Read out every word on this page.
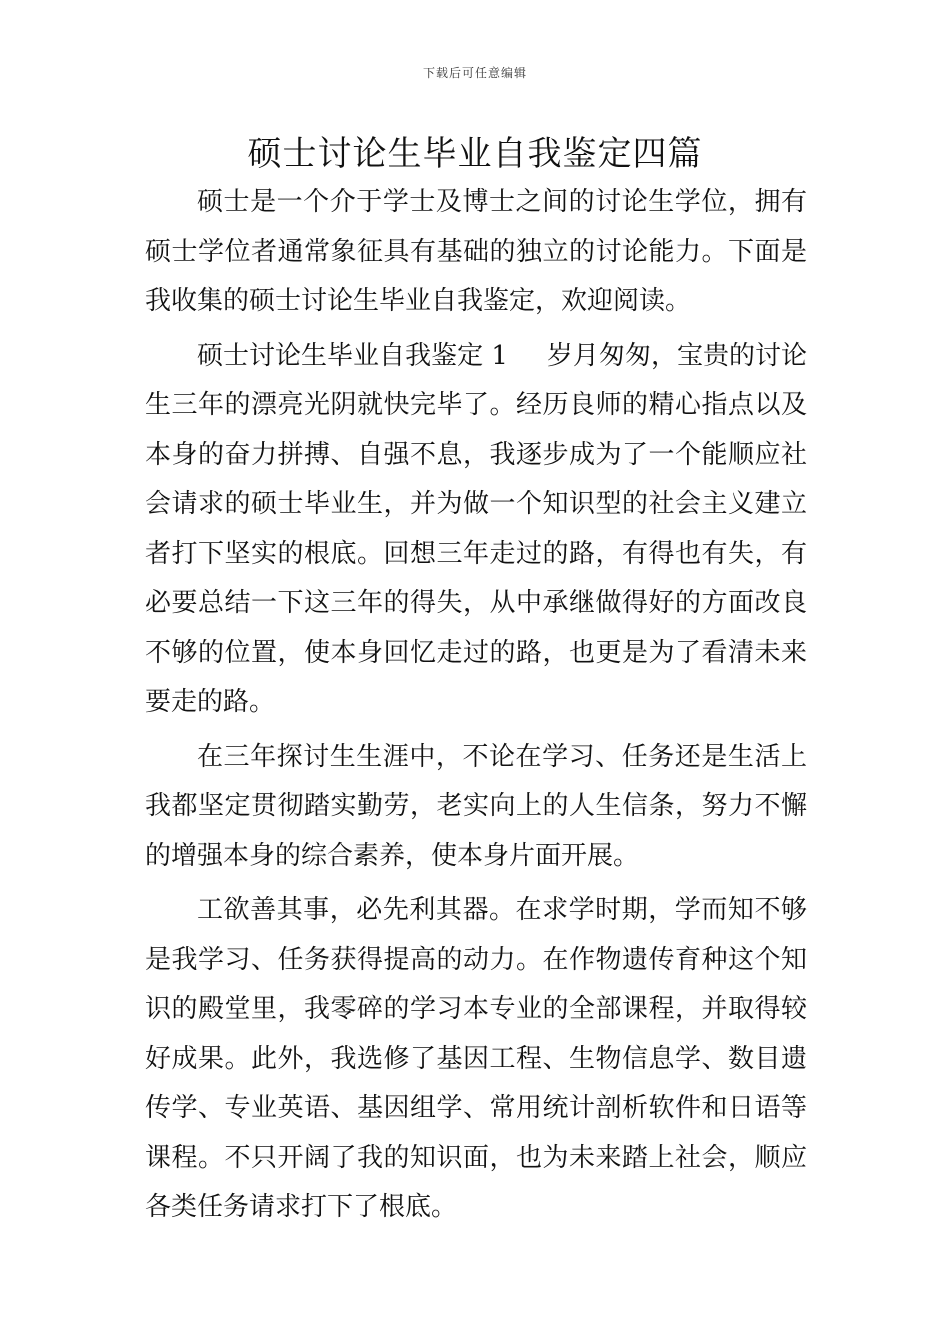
下载后可任意编辑
硕士讨论生毕业自我鉴定四篇

硕士是一个介于学士及博士之间的讨论生学位，拥有硕士学位者通常象征具有基础的独立的讨论能力。下面是我收集的硕士讨论生毕业自我鉴定，欢迎阅读。

硕士讨论生毕业自我鉴定 1 岁月匆匆，宝贵的讨论生三年的漂亮光阴就快完毕了。经历良师的精心指点以及本身的奋力拼搏、自强不息，我逐步成为了一个能顺应社会请求的硕士毕业生，并为做一个知识型的社会主义建立者打下坚实的根底。回想三年走过的路，有得也有失，有必要总结一下这三年的得失，从中承继做得好的方面改良不够的位置，使本身回忆走过的路，也更是为了看清未来要走的路。

在三年探讨生生涯中，不论在学习、任务还是生活上我都坚定贯彻踏实勤劳，老实向上的人生信条，努力不懈的增强本身的综合素养，使本身片面开展。

工欲善其事，必先利其器。在求学时期，学而知不够是我学习、任务获得提高的动力。在作物遗传育种这个知识的殿堂里，我零碎的学习本专业的全部课程，并取得较好成果。此外，我选修了基因工程、生物信息学、数目遗传学、专业英语、基因组学、常用统计剖析软件和日语等课程。不只开阔了我的知识面，也为未来踏上社会，顺应各类任务请求打下了根底。
